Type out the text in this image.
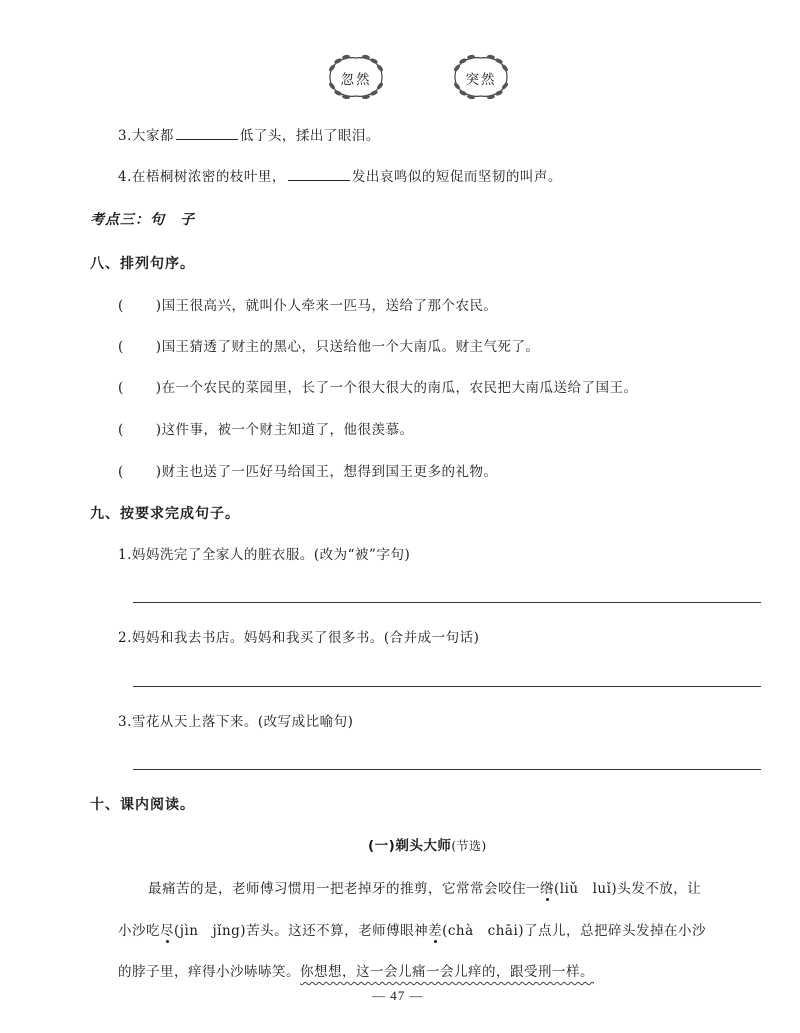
忽然	突然
3.大家都	低了头，揉出了眼泪。
4.在梧桐树浓密的枝叶里，	发出哀鸣似的短促而坚韧的叫声。
考点三：句　子
八、排列句序。
( )国王很高兴，就叫仆人牵来一匹马，送给了那个农民。
( )国王猜透了财主的黑心，只送给他一个大南瓜。财主气死了。
( )在一个农民的菜园里，长了一个很大很大的南瓜，农民把大南瓜送给了国王。
( )这件事，被一个财主知道了，他很羡慕。
( )财主也送了一匹好马给国王，想得到国王更多的礼物。
九、按要求完成句子。
1.妈妈洗完了全家人的脏衣服。(改为“被”字句)
2.妈妈和我去书店。妈妈和我买了很多书。(合并成一句话)
3.雪花从天上落下来。(改写成比喻句)
十、课内阅读。
(一)剃头大师(节选)
最痛苦的是，老师傅习惯用一把老掉牙的推剪，它常常会咬住一绺(liǔ　luǐ)头发不放，让
小沙吃尽(jìn　jǐng)苦头。这还不算，老师傅眼神差(chà　chāi)了点儿，总把碎头发掉在小沙
的脖子里，痒得小沙哧哧笑。你想想，这一会儿痛一会儿痒的，跟受刑一样。
— 47 —
